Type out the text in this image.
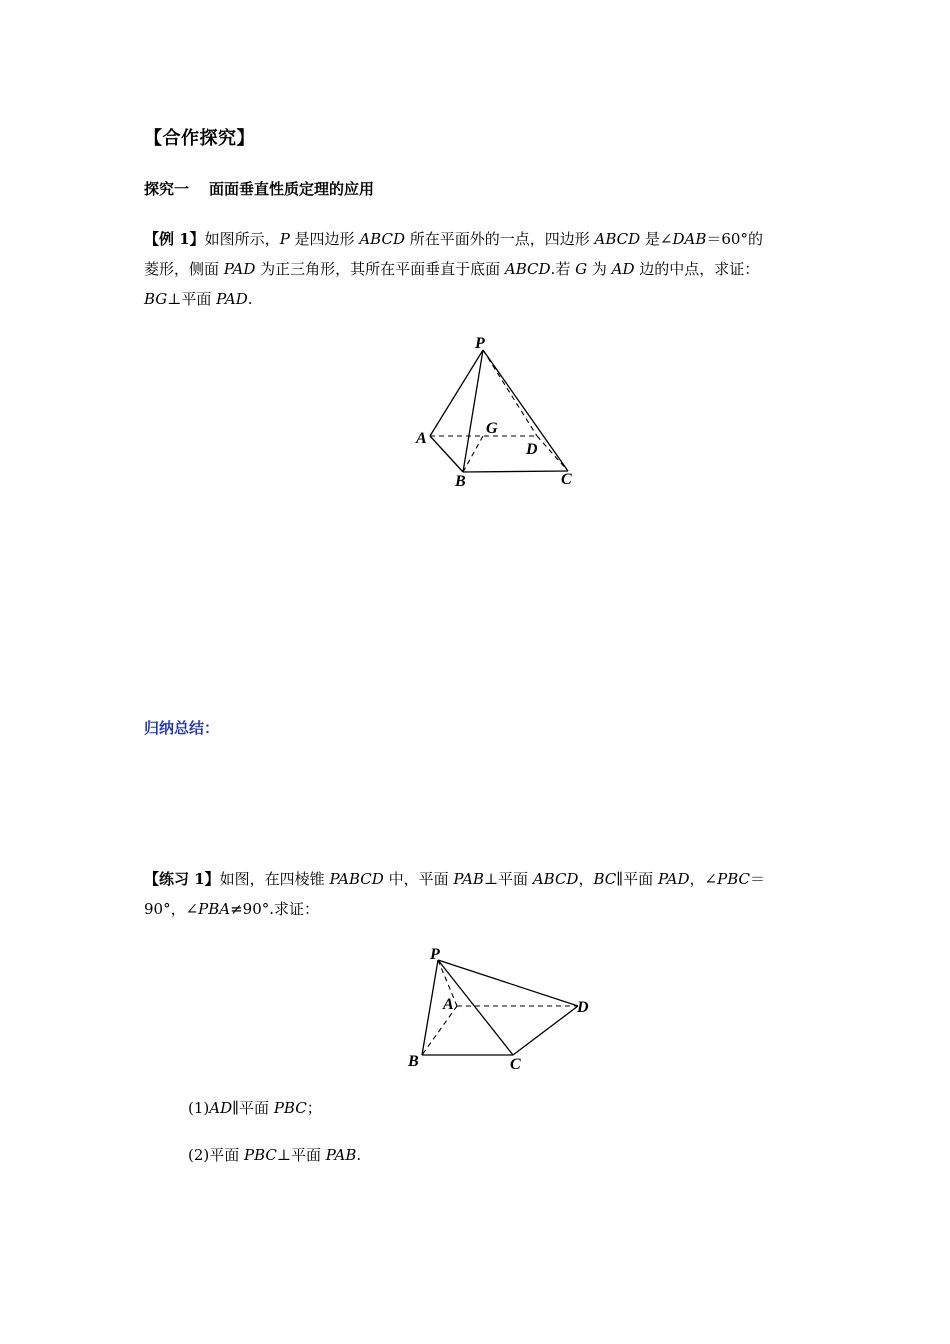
【合作探究】
探究一 面面垂直性质定理的应用
【例 1】如图所示，P 是四边形 ABCD 所在平面外的一点，四边形 ABCD 是∠DAB＝60°的
菱形，侧面 PAD 为正三角形，其所在平面垂直于底面 ABCD.若 G 为 AD 边的中点，求证：
BG⊥平面 PAD.
P
A
G
D
B	C
归纳总结：
【练习 1】如图，在四棱锥 PABCD 中，平面 PAB⊥平面 ABCD，BC∥平面 PAD，∠PBC＝
90°，∠PBA≠90°.求证：
P
A	D
B	C
(1)AD∥平面 PBC；
(2)平面 PBC⊥平面 PAB.
